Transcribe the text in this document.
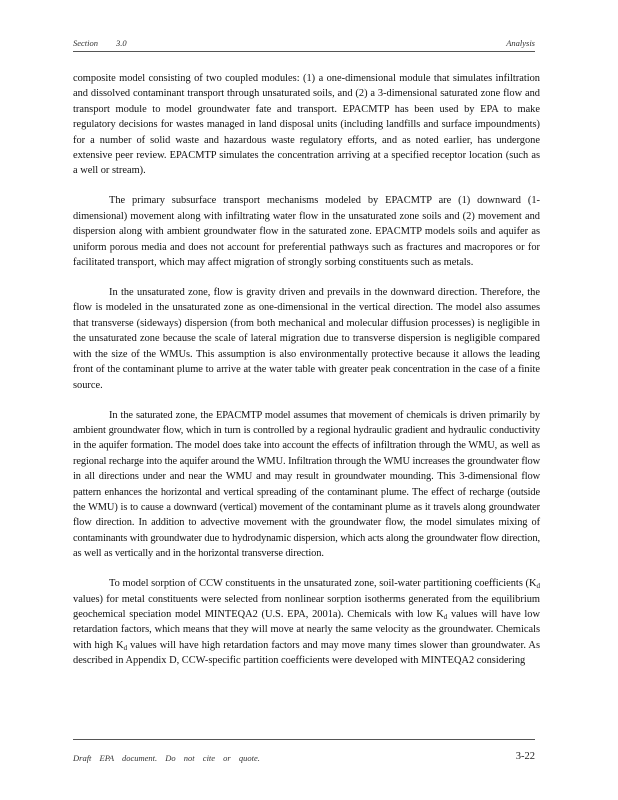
Section 3.0	Analysis

composite model consisting of two coupled modules: (1) a one-dimensional module that simulates infiltration and dissolved contaminant transport through unsaturated soils, and (2) a 3-dimensional saturated zone flow and transport module to model groundwater fate and transport. EPACMTP has been used by EPA to make regulatory decisions for wastes managed in land disposal units (including landfills and surface impoundments) for a number of solid waste and hazardous waste regulatory efforts, and as noted earlier, has undergone extensive peer review. EPACMTP simulates the concentration arriving at a specified receptor location (such as a well or stream).

The primary subsurface transport mechanisms modeled by EPACMTP are (1) downward (1-dimensional) movement along with infiltrating water flow in the unsaturated zone soils and (2) movement and dispersion along with ambient groundwater flow in the saturated zone. EPACMTP models soils and aquifer as uniform porous media and does not account for preferential pathways such as fractures and macropores or for facilitated transport, which may affect migration of strongly sorbing constituents such as metals.

In the unsaturated zone, flow is gravity driven and prevails in the downward direction. Therefore, the flow is modeled in the unsaturated zone as one-dimensional in the vertical direction. The model also assumes that transverse (sideways) dispersion (from both mechanical and molecular diffusion processes) is negligible in the unsaturated zone because the scale of lateral migration due to transverse dispersion is negligible compared with the size of the WMUs. This assumption is also environmentally protective because it allows the leading front of the contaminant plume to arrive at the water table with greater peak concentration in the case of a finite source.

In the saturated zone, the EPACMTP model assumes that movement of chemicals is driven primarily by ambient groundwater flow, which in turn is controlled by a regional hydraulic gradient and hydraulic conductivity in the aquifer formation. The model does take into account the effects of infiltration through the WMU, as well as regional recharge into the aquifer around the WMU. Infiltration through the WMU increases the groundwater flow in all directions under and near the WMU and may result in groundwater mounding. This 3-dimensional flow pattern enhances the horizontal and vertical spreading of the contaminant plume. The effect of recharge (outside the WMU) is to cause a downward (vertical) movement of the contaminant plume as it travels along groundwater flow direction. In addition to advective movement with the groundwater flow, the model simulates mixing of contaminants with groundwater due to hydrodynamic dispersion, which acts along the groundwater flow direction, as well as vertically and in the horizontal transverse direction.

To model sorption of CCW constituents in the unsaturated zone, soil-water partitioning coefficients ($K_d$ values) for metal constituents were selected from nonlinear sorption isotherms generated from the equilibrium geochemical speciation model MINTEQA2 (U.S. EPA, 2001a). Chemicals with low $K_d$ values will have low retardation factors, which means that they will move at nearly the same velocity as the groundwater. Chemicals with high $K_d$ values will have high retardation factors and may move many times slower than groundwater. As described in Appendix D, CCW-specific partition coefficients were developed with MINTEQA2 considering

Draft EPA document. Do not cite or quote.	3-22
